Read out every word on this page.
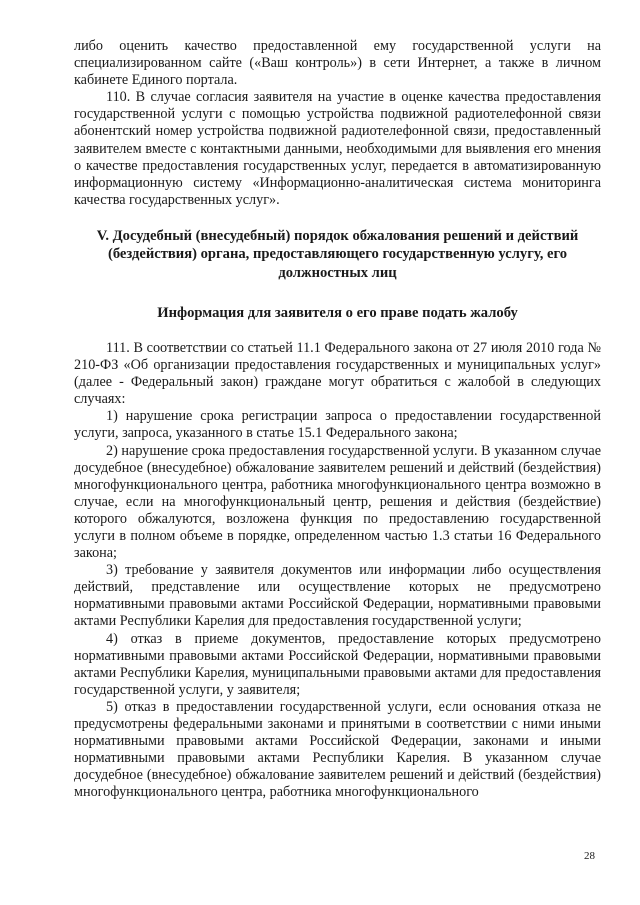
либо оценить качество предоставленной ему государственной услуги на специализированном сайте («Ваш контроль») в сети Интернет, а также в личном кабинете Единого портала.

110. В случае согласия заявителя на участие в оценке качества предоставления государственной услуги с помощью устройства подвижной радиотелефонной связи абонентский номер устройства подвижной радиотелефонной связи, предоставленный заявителем вместе с контактными данными, необходимыми для выявления его мнения о качестве предоставления государственных услуг, передается в автоматизированную информационную систему «Информационно-аналитическая система мониторинга качества государственных услуг».

V. Досудебный (внесудебный) порядок обжалования решений и действий (бездействия) органа, предоставляющего государственную услугу, его должностных лиц

Информация для заявителя о его праве подать жалобу

111. В соответствии со статьей 11.1 Федерального закона от 27 июля 2010 года № 210-ФЗ «Об организации предоставления государственных и муниципальных услуг» (далее - Федеральный закон) граждане могут обратиться с жалобой в следующих случаях:

1) нарушение срока регистрации запроса о предоставлении государственной услуги, запроса, указанного в статье 15.1 Федерального закона;

2) нарушение срока предоставления государственной услуги. В указанном случае досудебное (внесудебное) обжалование заявителем решений и действий (бездействия) многофункционального центра, работника многофункционального центра возможно в случае, если на многофункциональный центр, решения и действия (бездействие) которого обжалуются, возложена функция по предоставлению государственной услуги в полном объеме в порядке, определенном частью 1.3 статьи 16 Федерального закона;

3) требование у заявителя документов или информации либо осуществления действий, представление или осуществление которых не предусмотрено нормативными правовыми актами Российской Федерации, нормативными правовыми актами Республики Карелия для предоставления государственной услуги;

4) отказ в приеме документов, предоставление которых предусмотрено нормативными правовыми актами Российской Федерации, нормативными правовыми актами Республики Карелия, муниципальными правовыми актами для предоставления государственной услуги, у заявителя;

5) отказ в предоставлении государственной услуги, если основания отказа не предусмотрены федеральными законами и принятыми в соответствии с ними иными нормативными правовыми актами Российской Федерации, законами и иными нормативными правовыми актами Республики Карелия. В указанном случае досудебное (внесудебное) обжалование заявителем решений и действий (бездействия) многофункционального центра, работника многофункционального

28
